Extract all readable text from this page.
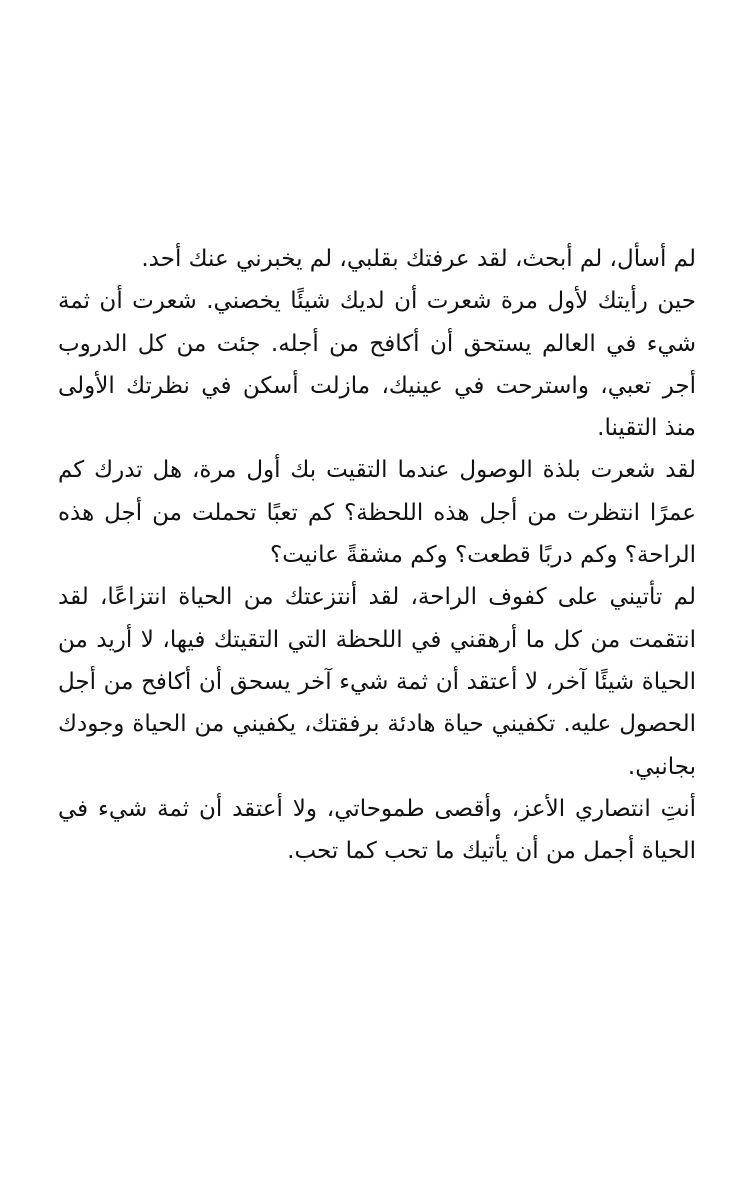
لم أسأل، لم أبحث، لقد عرفتك بقلبي، لم يخبرني عنك أحد.

حين رأيتك لأول مرة شعرت أن لديك شيئًا يخصني. شعرت أن ثمة شيء في العالم يستحق أن أكافح من أجله. جئت من كل الدروب أجر تعبي، واسترحت في عينيك، مازلت أسكن في نظرتك الأولى منذ التقينا.

لقد شعرت بلذة الوصول عندما التقيت بك أول مرة، هل تدرك كم عمرًا انتظرت من أجل هذه اللحظة؟ كم تعبًا تحملت من أجل هذه الراحة؟ وكم دربًا قطعت؟ وكم مشقةً عانيت؟

لم تأتيني على كفوف الراحة، لقد أنتزعتك من الحياة انتزاعًا، لقد انتقمت من كل ما أرهقني في اللحظة التي التقيتك فيها، لا أريد من الحياة شيئًا آخر، لا أعتقد أن ثمة شيء آخر يسحق أن أكافح من أجل الحصول عليه. تكفيني حياة هادئة برفقتك، يكفيني من الحياة وجودك بجانبي.

أنتِ انتصاري الأعز، وأقصى طموحاتي، ولا أعتقد أن ثمة شيء في الحياة أجمل من أن يأتيك ما تحب كما تحب.
